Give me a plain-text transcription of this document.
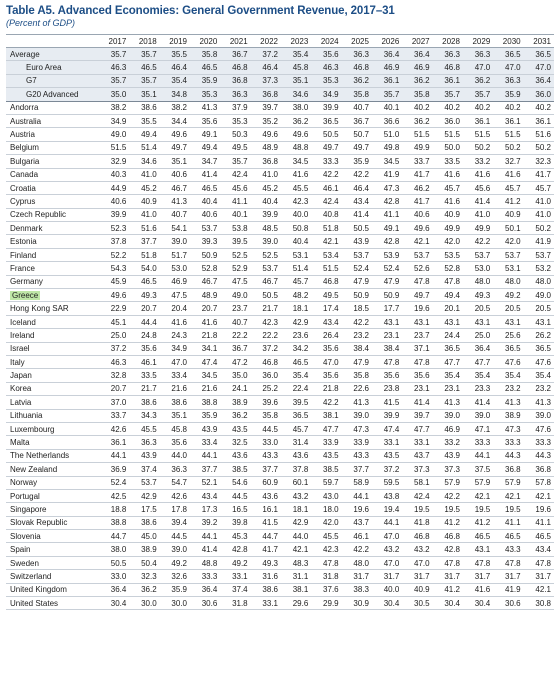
Table A5. Advanced Economies: General Government Revenue, 2017–31
(Percent of GDP)
	2017	2018	2019	2020	2021	2022	2023	2024	2025	2026	2027	2028	2029	2030	2031
Average	35.7	35.7	35.5	35.8	36.7	37.2	35.4	35.6	36.3	36.4	36.4	36.3	36.3	36.5	36.5
Euro Area	46.3	46.5	46.4	46.5	46.8	46.4	45.8	46.3	46.8	46.9	46.9	46.8	47.0	47.0	47.0
G7	35.7	35.7	35.4	35.9	36.8	37.3	35.1	35.3	36.2	36.1	36.2	36.1	36.2	36.3	36.4
G20 Advanced	35.0	35.1	34.8	35.3	36.3	36.8	34.6	34.9	35.8	35.7	35.8	35.7	35.7	35.9	36.0
Andorra	38.2	38.6	38.2	41.3	37.9	39.7	38.0	39.9	40.7	40.1	40.2	40.2	40.2	40.2	40.2
Australia	34.9	35.5	34.4	35.6	35.3	35.2	36.2	36.5	36.7	36.6	36.2	36.0	36.1	36.1	36.1
Austria	49.0	49.4	49.6	49.1	50.3	49.6	49.6	50.5	50.7	51.0	51.5	51.5	51.5	51.5	51.6
Belgium	51.5	51.4	49.7	49.4	49.5	48.9	48.8	49.7	49.7	49.8	49.9	50.0	50.2	50.2	50.2
Bulgaria	32.9	34.6	35.1	34.7	35.7	36.8	34.5	33.3	35.9	34.5	33.7	33.5	33.2	32.7	32.3
Canada	40.3	41.0	40.6	41.4	42.4	41.0	41.6	42.2	42.2	41.9	41.7	41.6	41.6	41.6	41.7
Croatia	44.9	45.2	46.7	46.5	45.6	45.2	45.5	46.1	46.4	47.3	46.2	45.7	45.6	45.7	45.7
Cyprus	40.6	40.9	41.3	40.4	41.1	40.4	42.3	42.4	43.4	42.8	41.7	41.6	41.4	41.2	41.0
Czech Republic	39.9	41.0	40.7	40.6	40.1	39.9	40.0	40.8	41.4	41.1	40.6	40.9	41.0	40.9	41.0
Denmark	52.3	51.6	54.1	53.7	53.8	48.5	50.8	51.8	50.5	49.1	49.6	49.9	49.9	50.1	50.2
Estonia	37.8	37.7	39.0	39.3	39.5	39.0	40.4	42.1	43.9	42.8	42.1	42.0	42.2	42.0	41.9
Finland	52.2	51.8	51.7	50.9	52.5	52.5	53.1	53.4	53.7	53.9	53.7	53.5	53.7	53.7	53.7
France	54.3	54.0	53.0	52.8	52.9	53.7	51.4	51.5	52.4	52.4	52.6	52.8	53.0	53.1	53.2
Germany	45.9	46.5	46.9	46.7	47.5	46.7	45.7	46.8	47.9	47.9	47.8	47.8	48.0	48.0	48.0
Greece	49.6	49.3	47.5	48.9	49.0	50.5	48.2	49.5	50.9	50.9	49.7	49.4	49.3	49.2	49.0
Hong Kong SAR	22.9	20.7	20.4	20.7	23.7	21.7	18.1	17.4	18.5	17.7	19.6	20.1	20.5	20.5	20.5
Iceland	45.1	44.4	41.6	41.6	40.7	42.3	42.9	43.4	42.2	43.1	43.1	43.1	43.1	43.1	43.1
Ireland	25.0	24.8	24.3	21.8	22.2	22.2	23.6	26.4	23.2	23.1	23.7	24.4	25.0	25.6	26.2
Israel	37.2	35.6	34.9	34.1	36.7	37.2	34.2	35.6	38.4	38.4	37.1	36.5	36.4	36.5	36.5
Italy	46.3	46.1	47.0	47.4	47.2	46.8	46.5	47.0	47.9	47.8	47.8	47.7	47.7	47.6	47.6
Japan	32.8	33.5	33.4	34.5	35.0	36.0	35.4	35.6	35.8	35.6	35.6	35.4	35.4	35.4	35.4
Korea	20.7	21.7	21.6	21.6	24.1	25.2	22.4	21.8	22.6	23.8	23.1	23.1	23.3	23.2	23.2
Latvia	37.0	38.6	38.6	38.8	38.9	39.6	39.5	42.2	41.3	41.5	41.4	41.3	41.4	41.3	41.3
Lithuania	33.7	34.3	35.1	35.9	36.2	35.8	36.5	38.1	39.0	39.9	39.7	39.0	39.0	38.9	39.0
Luxembourg	42.6	45.5	45.8	43.9	43.5	44.5	45.7	47.7	47.3	47.4	47.7	46.9	47.1	47.3	47.6
Malta	36.1	36.3	35.6	33.4	32.5	33.0	31.4	33.9	33.9	33.1	33.1	33.2	33.3	33.3	33.3
The Netherlands	44.1	43.9	44.0	44.1	43.6	43.3	43.6	43.5	43.3	43.5	43.7	43.9	44.1	44.3	44.3
New Zealand	36.9	37.4	36.3	37.7	38.5	37.7	37.8	38.5	37.7	37.2	37.3	37.3	37.5	36.8	36.8
Norway	52.4	53.7	54.7	52.1	54.6	60.9	60.1	59.7	58.9	59.5	58.1	57.9	57.9	57.9	57.8
Portugal	42.5	42.9	42.6	43.4	44.5	43.6	43.2	43.0	44.1	43.8	42.4	42.2	42.1	42.1	42.1
Singapore	18.8	17.5	17.8	17.3	16.5	16.1	18.1	18.0	19.6	19.4	19.5	19.5	19.5	19.5	19.6
Slovak Republic	38.8	38.6	39.4	39.2	39.8	41.5	42.9	42.0	43.7	44.1	41.8	41.2	41.2	41.1	41.1
Slovenia	44.7	45.0	44.5	44.1	45.3	44.7	44.0	45.5	46.1	47.0	46.8	46.8	46.5	46.5	46.5
Spain	38.0	38.9	39.0	41.4	42.8	41.7	42.1	42.3	42.2	43.2	43.2	42.8	43.1	43.3	43.4
Sweden	50.5	50.4	49.2	48.8	49.2	49.3	48.3	47.8	48.0	47.0	47.0	47.8	47.8	47.8	47.8
Switzerland	33.0	32.3	32.6	33.3	33.1	31.6	31.1	31.8	31.7	31.7	31.7	31.7	31.7	31.7	31.7
United Kingdom	36.4	36.2	35.9	36.4	37.4	38.6	38.1	37.6	38.3	40.0	40.9	41.2	41.6	41.9	42.1
United States	30.4	30.0	30.0	30.6	31.8	33.1	29.6	29.9	30.9	30.4	30.5	30.4	30.4	30.6	30.8
